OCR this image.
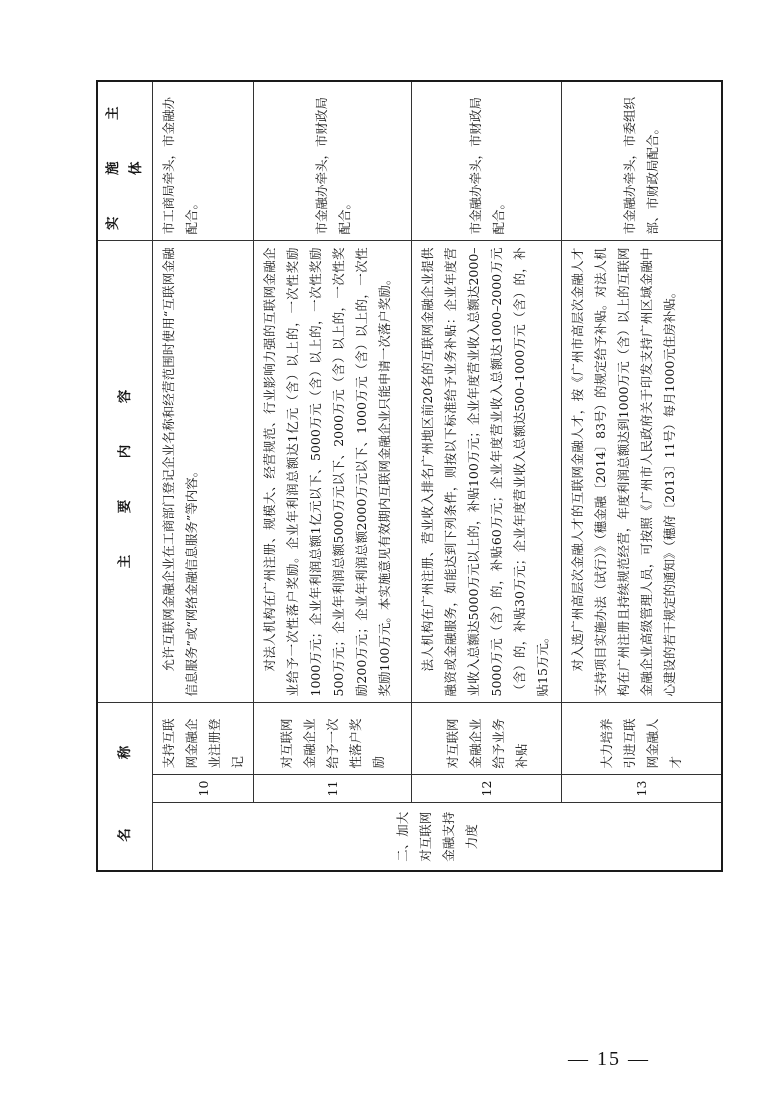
名　　称			主　要　内　容	实　施　主　体
二、加大对互联网金融支持力度	10	支持互联网金融企业注册登记	允许互联网金融企业在工商部门登记企业名称和经营范围时使用“互联网金融信息服务”或“网络金融信息服务”等内容。	市工商局牵头，市金融办配合。
	11	对互联网金融企业给予一次性落户奖励	对法人机构在广州注册、规模大、经营规范、行业影响力强的互联网金融企业给予一次性落户奖励。企业年利润总额达1亿元（含）以上的，一次性奖励1000万元；企业年利润总额1亿元以下、5000万元（含）以上的，一次性奖励500万元；企业年利润总额5000万元以下、2000万元（含）以上的，一次性奖励200万元；企业年利润总额2000万元以下、1000万元（含）以上的，一次性奖励100万元。本实施意见有效期内互联网金融企业只能申请一次落户奖励。	市金融办牵头，市财政局配合。
	12	对互联网金融企业给予业务补贴	法人机构在广州注册、营业收入排名广州地区前20名的互联网金融企业提供融资或金融服务，如能达到下列条件，则按以下标准给予业务补贴：企业年度营业收入总额达5000万元以上的，补贴100万元；企业年度营业收入总额达2000–5000万元（含）的，补贴60万元；企业年度营业收入总额达1000–2000万元（含）的，补贴30万元；企业年度营业收入总额达500–1000万元（含）的，补贴15万元。	市金融办牵头，市财政局配合。
	13	大力培养引进互联网金融人才	对入选广州高层次金融人才的互联网金融人才，按《广州市高层次金融人才支持项目实施办法（试行）》（穗金融〔2014〕83号）的规定给予补贴。对法人机构在广州注册且持续规范经营，年度利润总额达到1000万元（含）以上的互联网金融企业高级管理人员，可按照《广州市人民政府关于印发支持广州区域金融中心建设的若干规定的通知》（穗府〔2013〕11号）每月1000元住房补贴。	市金融办牵头，市委组织部、市财政局配合。
— 15 —
